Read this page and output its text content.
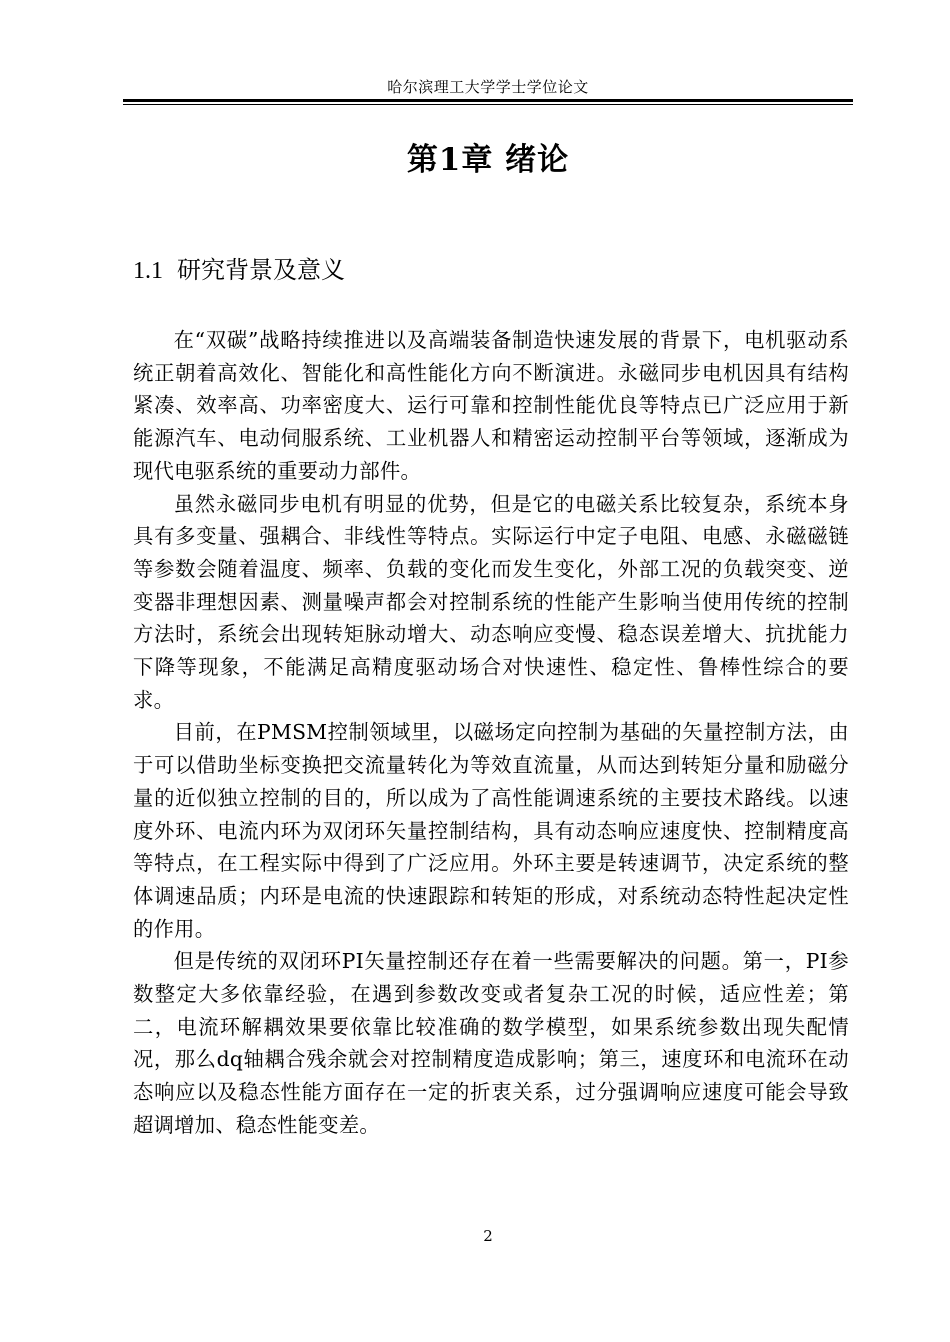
哈尔滨理工大学学士学位论文
第1章 绪论
1.1 研究背景及意义

在“双碳”战略持续推进以及高端装备制造快速发展的背景下，电机驱动系统正朝着高效化、智能化和高性能化方向不断演进。永磁同步电机因具有结构紧凑、效率高、功率密度大、运行可靠和控制性能优良等特点已广泛应用于新能源汽车、电动伺服系统、工业机器人和精密运动控制平台等领域，逐渐成为现代电驱系统的重要动力部件。

虽然永磁同步电机有明显的优势，但是它的电磁关系比较复杂，系统本身具有多变量、强耦合、非线性等特点。实际运行中定子电阻、电感、永磁磁链等参数会随着温度、频率、负载的变化而发生变化，外部工况的负载突变、逆变器非理想因素、测量噪声都会对控制系统的性能产生影响当使用传统的控制方法时，系统会出现转矩脉动增大、动态响应变慢、稳态误差增大、抗扰能力下降等现象，不能满足高精度驱动场合对快速性、稳定性、鲁棒性综合的要求。

目前，在PMSM控制领域里，以磁场定向控制为基础的矢量控制方法，由于可以借助坐标变换把交流量转化为等效直流量，从而达到转矩分量和励磁分量的近似独立控制的目的，所以成为了高性能调速系统的主要技术路线。以速度外环、电流内环为双闭环矢量控制结构，具有动态响应速度快、控制精度高等特点，在工程实际中得到了广泛应用。外环主要是转速调节，决定系统的整体调速品质；内环是电流的快速跟踪和转矩的形成，对系统动态特性起决定性的作用。

但是传统的双闭环PI矢量控制还存在着一些需要解决的问题。第一，PI参数整定大多依靠经验，在遇到参数改变或者复杂工况的时候，适应性差；第二，电流环解耦效果要依靠比较准确的数学模型，如果系统参数出现失配情况，那么dq轴耦合残余就会对控制精度造成影响；第三，速度环和电流环在动态响应以及稳态性能方面存在一定的折衷关系，过分强调响应速度可能会导致超调增加、稳态性能变差。

2
